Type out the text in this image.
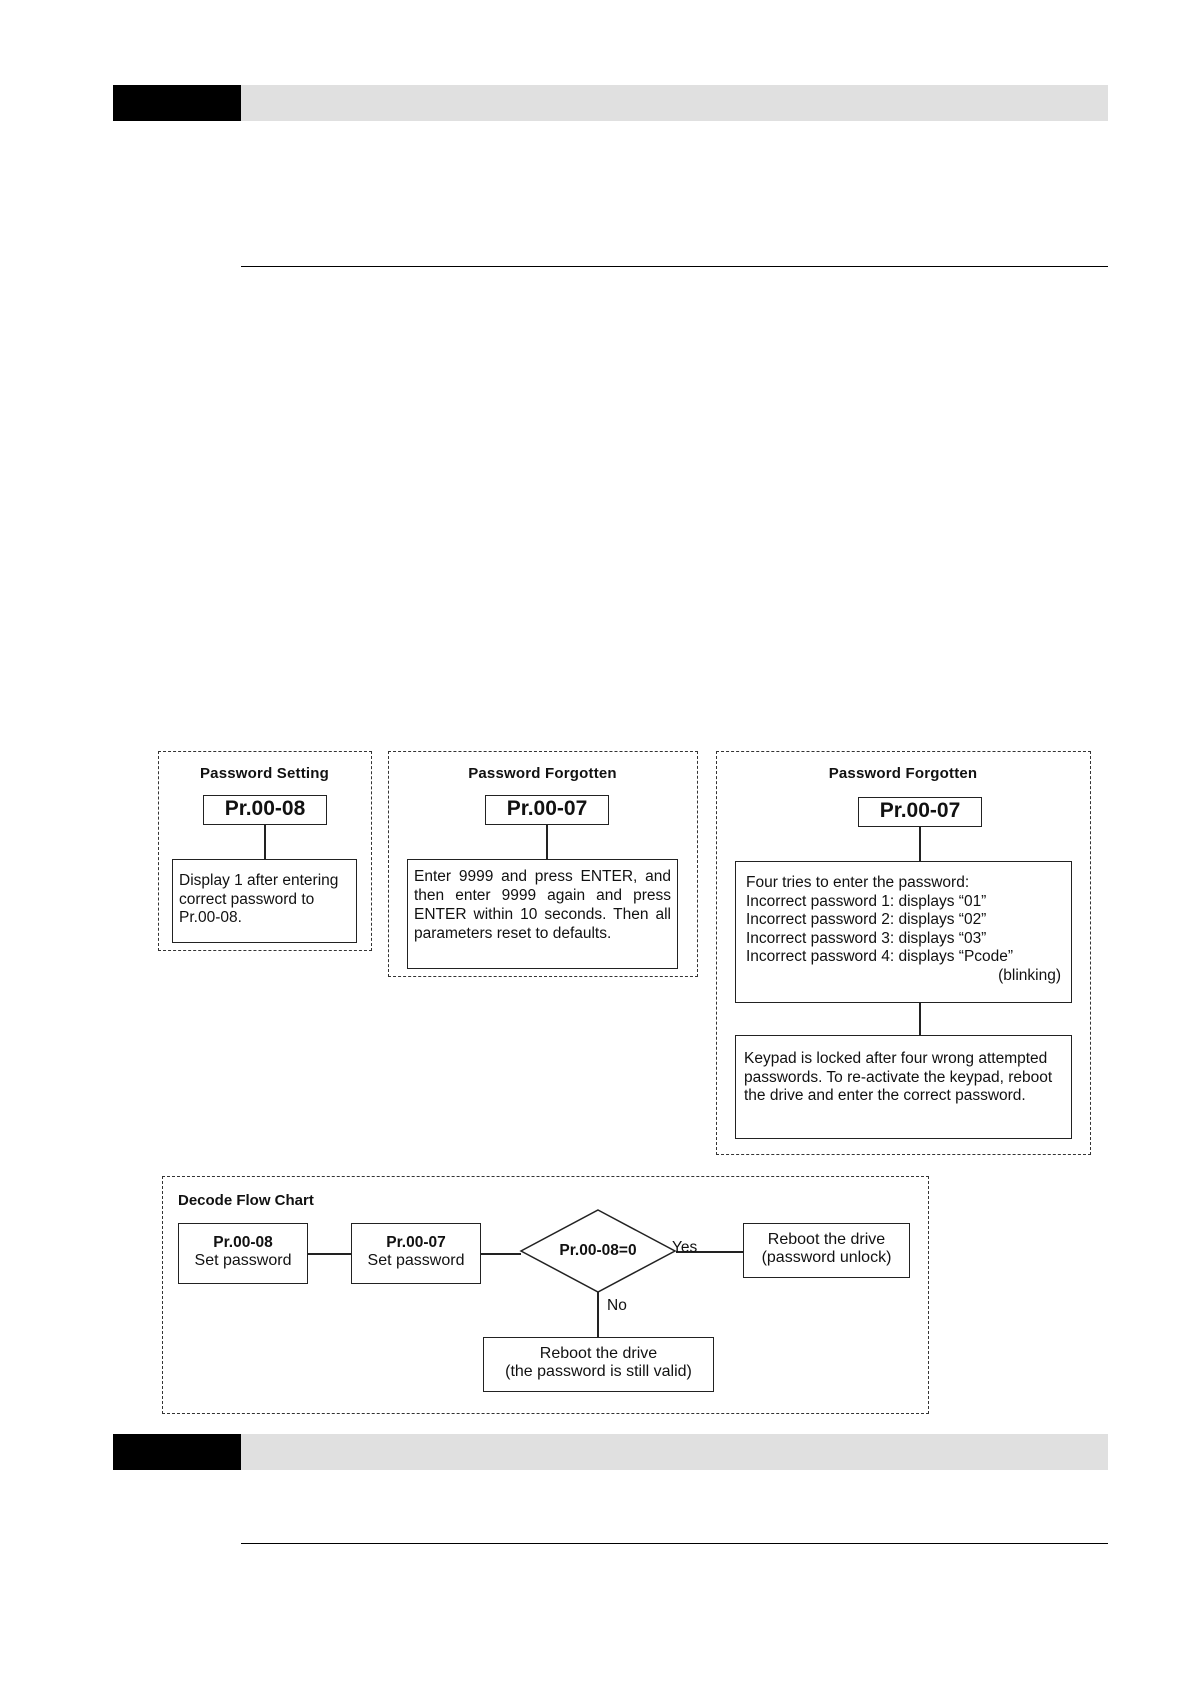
Password Setting
Pr.00-08
Display 1 after entering correct password to Pr.00-08.
Password Forgotten
Pr.00-07
Enter 9999 and press ENTER, and then enter 9999 again and press ENTER within 10 seconds. Then all parameters reset to defaults.
Password Forgotten
Pr.00-07
Four tries to enter the password:
Incorrect password 1: displays “01”
Incorrect password 2: displays “02”
Incorrect password 3: displays “03”
Incorrect password 4: displays “Pcode”
(blinking)
Keypad is locked after four wrong attempted passwords. To re-activate the keypad, reboot the drive and enter the correct password.
Decode Flow Chart
Pr.00-08
Set password
Pr.00-07
Set password
Pr.00-08=0	Yes	Reboot the drive
(password unlock)
No
Reboot the drive
(the password is still valid)
